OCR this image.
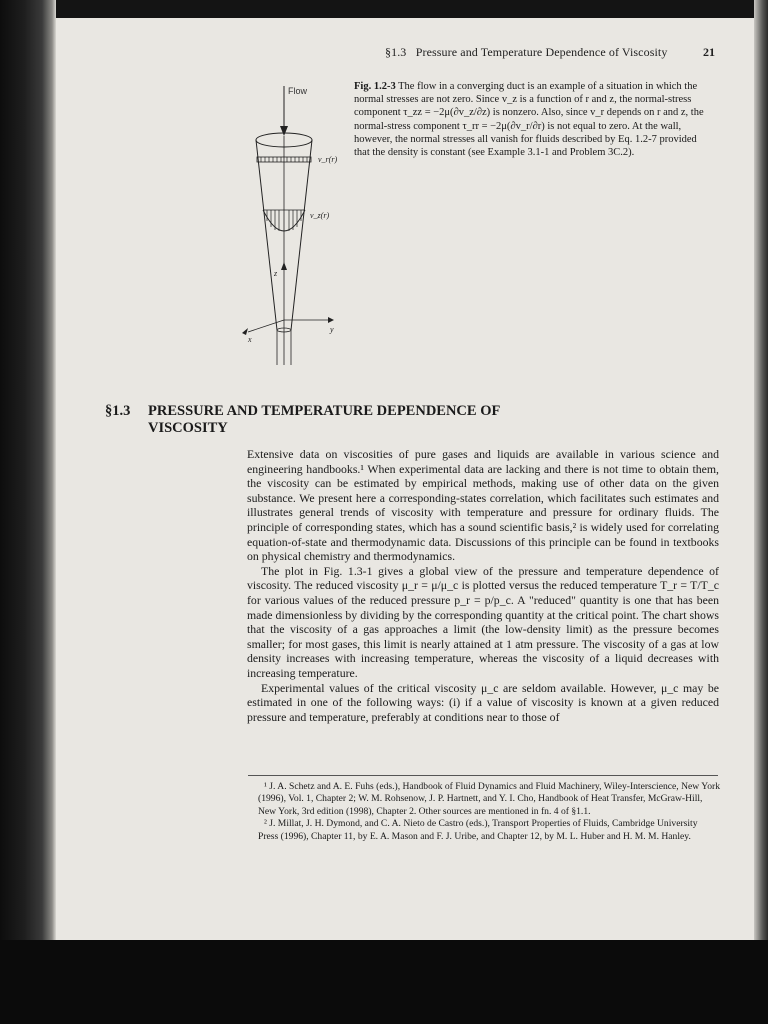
§1.3 Pressure and Temperature Dependence of Viscosity	21
Flow
v_r(r)
v_z(r)
z
y
x
Fig. 1.2-3 The flow in a converging duct is an example of a situation in which the normal stresses are not zero. Since v_z is a function of r and z, the normal-stress component τ_zz = −2μ(∂v_z/∂z) is nonzero. Also, since v_r depends on r and z, the normal-stress component τ_rr = −2μ(∂v_r/∂r) is not equal to zero. At the wall, however, the normal stresses all vanish for fluids described by Eq. 1.2-7 provided that the density is constant (see Example 3.1-1 and Problem 3C.2).
§1.3 PRESSURE AND TEMPERATURE DEPENDENCE OF VISCOSITY

Extensive data on viscosities of pure gases and liquids are available in various science and engineering handbooks.¹ When experimental data are lacking and there is not time to obtain them, the viscosity can be estimated by empirical methods, making use of other data on the given substance. We present here a corresponding-states correlation, which facilitates such estimates and illustrates general trends of viscosity with temperature and pressure for ordinary fluids. The principle of corresponding states, which has a sound scientific basis,² is widely used for correlating equation-of-state and thermodynamic data. Discussions of this principle can be found in textbooks on physical chemistry and thermodynamics.

The plot in Fig. 1.3-1 gives a global view of the pressure and temperature dependence of viscosity. The reduced viscosity μ_r = μ/μ_c is plotted versus the reduced temperature T_r = T/T_c for various values of the reduced pressure p_r = p/p_c. A "reduced" quantity is one that has been made dimensionless by dividing by the corresponding quantity at the critical point. The chart shows that the viscosity of a gas approaches a limit (the low-density limit) as the pressure becomes smaller; for most gases, this limit is nearly attained at 1 atm pressure. The viscosity of a gas at low density increases with increasing temperature, whereas the viscosity of a liquid decreases with increasing temperature.

Experimental values of the critical viscosity μ_c are seldom available. However, μ_c may be estimated in one of the following ways: (i) if a value of viscosity is known at a given reduced pressure and temperature, preferably at conditions near to those of

¹ J. A. Schetz and A. E. Fuhs (eds.), Handbook of Fluid Dynamics and Fluid Machinery, Wiley-Interscience, New York (1996), Vol. 1, Chapter 2; W. M. Rohsenow, J. P. Hartnett, and Y. I. Cho, Handbook of Heat Transfer, McGraw-Hill, New York, 3rd edition (1998), Chapter 2. Other sources are mentioned in fn. 4 of §1.1.

² J. Millat, J. H. Dymond, and C. A. Nieto de Castro (eds.), Transport Properties of Fluids, Cambridge University Press (1996), Chapter 11, by E. A. Mason and F. J. Uribe, and Chapter 12, by M. L. Huber and H. M. M. Hanley.
